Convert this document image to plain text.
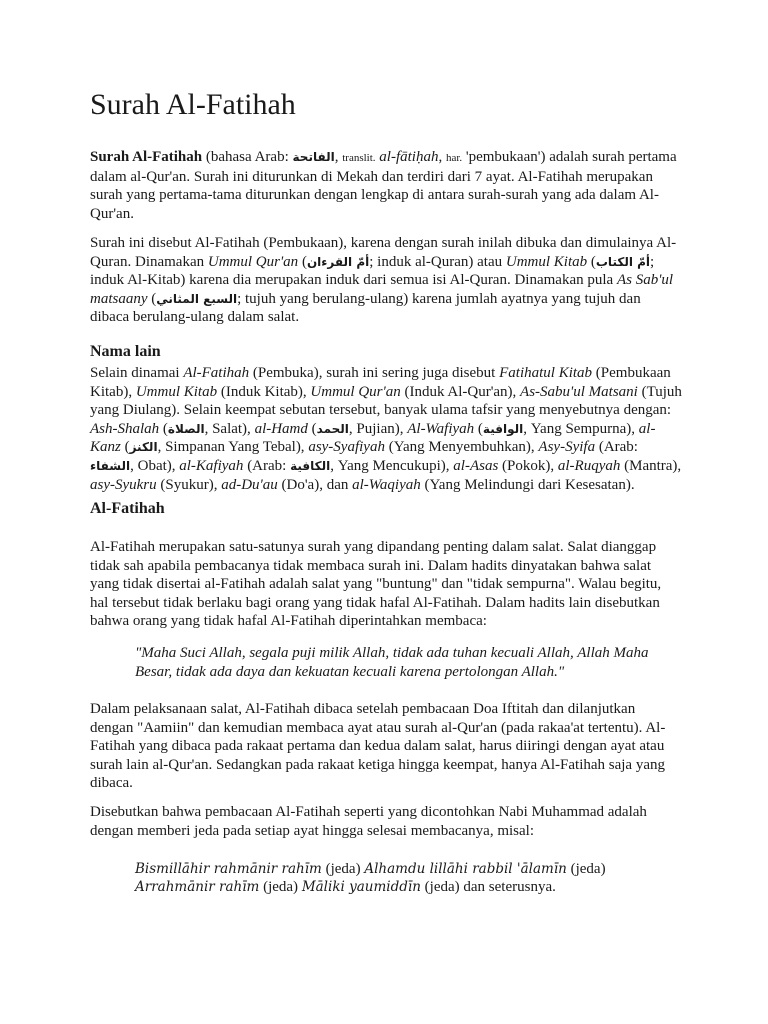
Surah Al-Fatihah

Surah Al-Fatihah (bahasa Arab: الفاتحة, translit. al-fātiḥah, har. 'pembukaan') adalah surah pertama dalam al-Qur'an. Surah ini diturunkan di Mekah dan terdiri dari 7 ayat. Al-Fatihah merupakan surah yang pertama-tama diturunkan dengan lengkap di antara surah-surah yang ada dalam Al-Qur'an.

Surah ini disebut Al-Fatihah (Pembukaan), karena dengan surah inilah dibuka dan dimulainya Al-Quran. Dinamakan Ummul Qur'an (أمّ القرءان; induk al-Quran) atau Ummul Kitab (أمّ الكتاب; induk Al-Kitab) karena dia merupakan induk dari semua isi Al-Quran. Dinamakan pula As Sab'ul matsaany (السبع المثاني; tujuh yang berulang-ulang) karena jumlah ayatnya yang tujuh dan dibaca berulang-ulang dalam salat.

Nama lain

Selain dinamai Al-Fatihah (Pembuka), surah ini sering juga disebut Fatihatul Kitab (Pembukaan Kitab), Ummul Kitab (Induk Kitab), Ummul Qur'an (Induk Al-Qur'an), As-Sabu'ul Matsani (Tujuh yang Diulang). Selain keempat sebutan tersebut, banyak ulama tafsir yang menyebutnya dengan: Ash-Shalah (الصلاة, Salat), al-Hamd (الحمد, Pujian), Al-Wafiyah (الوافية, Yang Sempurna), al-Kanz (الكنز, Simpanan Yang Tebal), asy-Syafiyah (Yang Menyembuhkan), Asy-Syifa (Arab: الشفاء, Obat), al-Kafiyah (Arab: الكافية, Yang Mencukupi), al-Asas (Pokok), al-Ruqyah (Mantra), asy-Syukru (Syukur), ad-Du'au (Do'a), dan al-Waqiyah (Yang Melindungi dari Kesesatan).

Al-Fatihah

Al-Fatihah merupakan satu-satunya surah yang dipandang penting dalam salat. Salat dianggap tidak sah apabila pembacanya tidak membaca surah ini. Dalam hadits dinyatakan bahwa salat yang tidak disertai al-Fatihah adalah salat yang "buntung" dan "tidak sempurna". Walau begitu, hal tersebut tidak berlaku bagi orang yang tidak hafal Al-Fatihah. Dalam hadits lain disebutkan bahwa orang yang tidak hafal Al-Fatihah diperintahkan membaca:

"Maha Suci Allah, segala puji milik Allah, tidak ada tuhan kecuali Allah, Allah Maha Besar, tidak ada daya dan kekuatan kecuali karena pertolongan Allah."

Dalam pelaksanaan salat, Al-Fatihah dibaca setelah pembacaan Doa Iftitah dan dilanjutkan dengan "Aamiin" dan kemudian membaca ayat atau surah al-Qur'an (pada rakaa'at tertentu). Al-Fatihah yang dibaca pada rakaat pertama dan kedua dalam salat, harus diiringi dengan ayat atau surah lain al-Qur'an. Sedangkan pada rakaat ketiga hingga keempat, hanya Al-Fatihah saja yang dibaca.

Disebutkan bahwa pembacaan Al-Fatihah seperti yang dicontohkan Nabi Muhammad adalah dengan memberi jeda pada setiap ayat hingga selesai membacanya, misal:

Bismillāhir rahmānir rahīm (jeda) Alhamdu lillāhi rabbil 'ālamīn (jeda) Arrahmānir rahīm (jeda) Māliki yaumiddīn (jeda) dan seterusnya.
